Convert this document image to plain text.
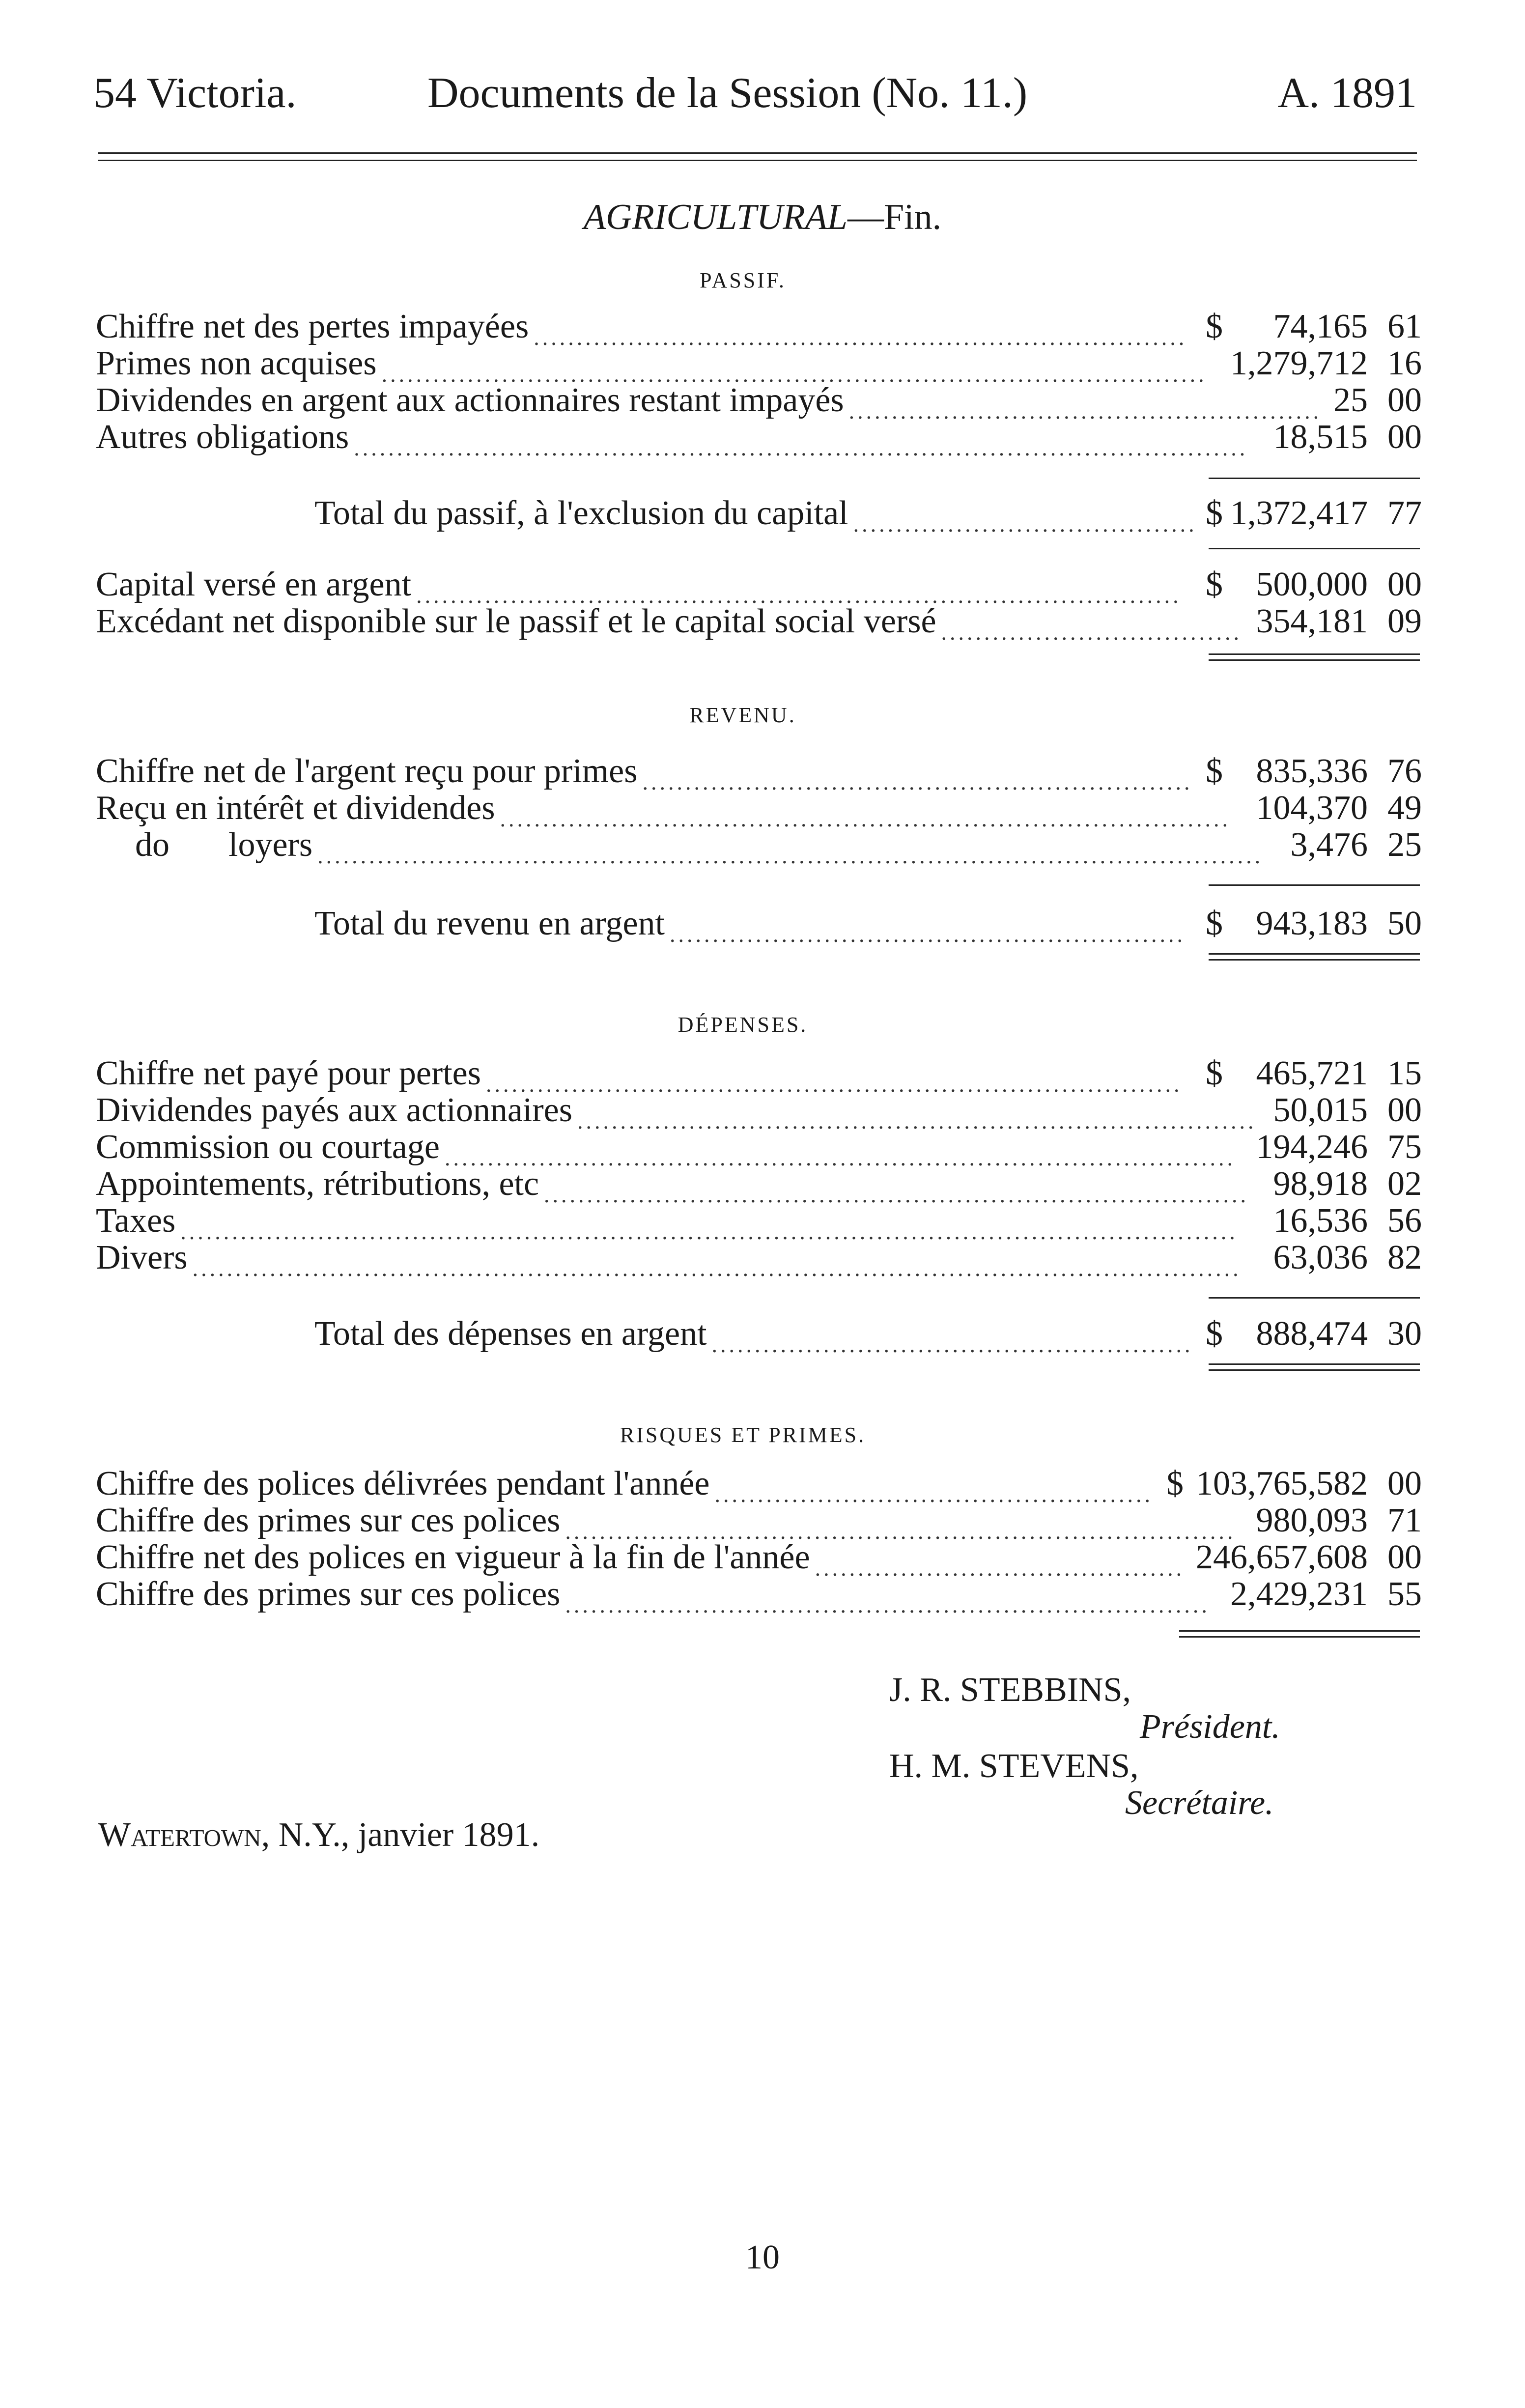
54 Victoria.	Documents de la Session (No. 11.)	A. 1891
AGRICULTURAL—Fin.
PASSIF.
Chiffre net des pertes impayées	$ 74,165 61
............................................................................
Primes non acquises	1,279,712 16
................................................................................................
Dividendes en argent aux actionnaires restant impayés	25 00
.......................................................
Autres obligations	18,515 00
........................................................................................................
Total du passif, à l'exclusion du capital	$ 1,372,417 77
........................................
Capital versé en argent	$ 500,000 00
.........................................................................................
Excédant net disponible sur le passif et le capital social versé	354,181 09
...................................
REVENU.
Chiffre net de l'argent reçu pour primes	$ 835,336 76
................................................................
Reçu en intérêt et dividendes	104,370 49
.....................................................................................
do loyers	3,476 25
..............................................................................................................
Total du revenu en argent	$ 943,183 50
............................................................
DÉPENSES.
Chiffre net payé pour pertes	$ 465,721 15
.................................................................................
Dividendes payés aux actionnaires	50,015 00
...............................................................................
Commission ou courtage	194,246 75
............................................................................................
Appointements, rétributions, etc	98,918 02
..................................................................................
Taxes	16,536 56
...........................................................................................................................
Divers	63,036 82
..........................................................................................................................
Total des dépenses en argent	$ 888,474 30
........................................................
RISQUES ET PRIMES.
Chiffre des polices délivrées pendant l'année	$ 103,765,582 00
...................................................
Chiffre des primes sur ces polices	980,093 71
..............................................................................
Chiffre net des polices en vigueur à la fin de l'année	246,657,608 00
...........................................
Chiffre des primes sur ces polices	2,429,231 55
...........................................................................
J. R. STEBBINS,
Président.
H. M. STEVENS,
Secrétaire.
Watertown, N.Y., janvier 1891.
10
